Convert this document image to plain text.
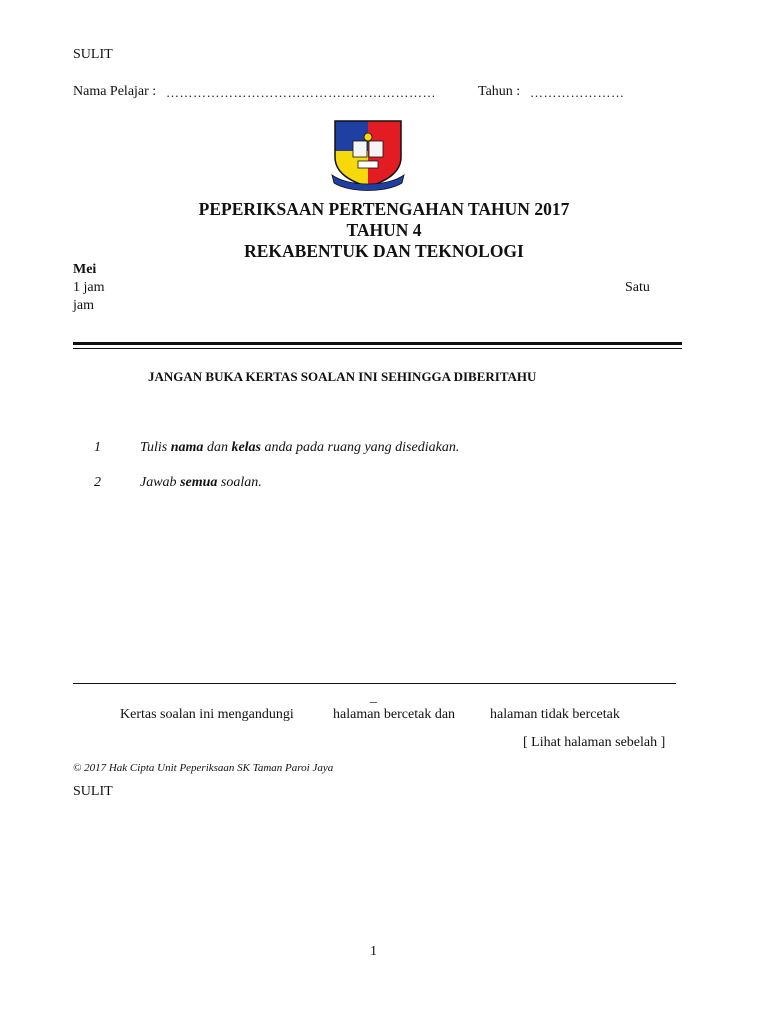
SULIT
Nama Pelajar : ……………………………………………………	Tahun : …………………
PEPERIKSAAN PERTENGAHAN TAHUN 2017
TAHUN 4
REKABENTUK DAN TEKNOLOGI
Mei
1 jam	Satu
jam
JANGAN BUKA KERTAS SOALAN INI SEHINGGA DIBERITAHU
1	Tulis nama dan kelas anda pada ruang yang disediakan.
2	Jawab semua soalan.
_
Kertas soalan ini mengandungi	halaman bercetak dan halaman tidak bercetak
[ Lihat halaman sebelah ]
© 2017 Hak Cipta Unit Peperiksaan SK Taman Paroi Jaya
SULIT
1
